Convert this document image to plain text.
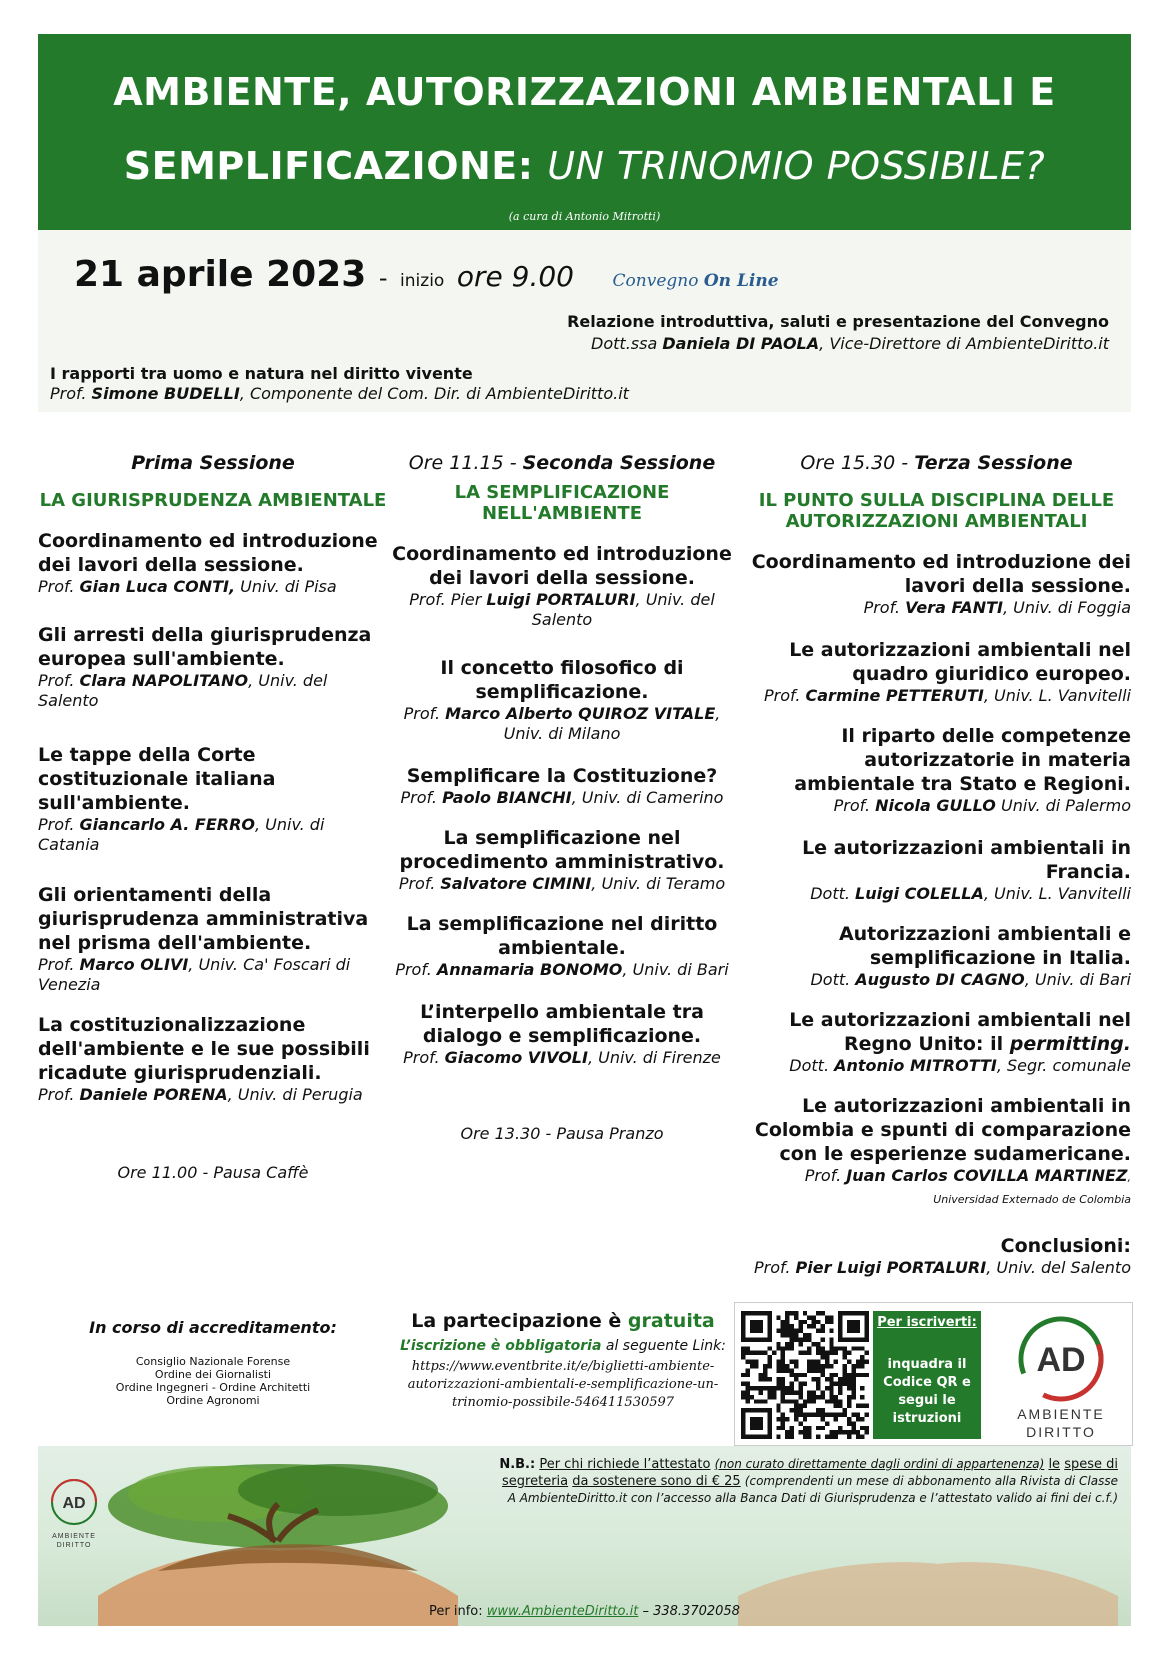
AMBIENTE, AUTORIZZAZIONI AMBIENTALI E
SEMPLIFICAZIONE: UN TRINOMIO POSSIBILE?
(a cura di Antonio Mitrotti)
21 aprile 2023 - inizio ore 9.00 Convegno On Line
Relazione introduttiva, saluti e presentazione del Convegno
Dott.ssa Daniela DI PAOLA, Vice-Direttore di AmbienteDiritto.it
I rapporti tra uomo e natura nel diritto vivente
Prof. Simone BUDELLI, Componente del Com. Dir. di AmbienteDiritto.it
Prima Sessione
LA GIURISPRUDENZA AMBIENTALE
Coordinamento ed introduzione dei lavori della sessione.
Prof. Gian Luca CONTI, Univ. di Pisa
Gli arresti della giurisprudenza europea sull'ambiente.
Prof. Clara NAPOLITANO, Univ. del Salento
Le tappe della Corte costituzionale italiana sull'ambiente.
Prof. Giancarlo A. FERRO, Univ. di Catania
Gli orientamenti della giurisprudenza amministrativa nel prisma dell'ambiente.
Prof. Marco OLIVI, Univ. Ca' Foscari di Venezia
La costituzionalizzazione dell'ambiente e le sue possibili ricadute giurisprudenziali.
Prof. Daniele PORENA, Univ. di Perugia
Ore 11.00 - Pausa Caffè
Ore 11.15 - Seconda Sessione
LA SEMPLIFICAZIONE NELL'AMBIENTE
Coordinamento ed introduzione dei lavori della sessione.
Prof. Pier Luigi PORTALURI, Univ. del Salento
Il concetto filosofico di semplificazione.
Prof. Marco Alberto QUIROZ VITALE, Univ. di Milano
Semplificare la Costituzione?
Prof. Paolo BIANCHI, Univ. di Camerino
La semplificazione nel procedimento amministrativo.
Prof. Salvatore CIMINI, Univ. di Teramo
La semplificazione nel diritto ambientale.
Prof. Annamaria BONOMO, Univ. di Bari
L’interpello ambientale tra dialogo e semplificazione.
Prof. Giacomo VIVOLI, Univ. di Firenze
Ore 13.30 - Pausa Pranzo
Ore 15.30 - Terza Sessione
IL PUNTO SULLA DISCIPLINA DELLE AUTORIZZAZIONI AMBIENTALI
Coordinamento ed introduzione dei lavori della sessione.
Prof. Vera FANTI, Univ. di Foggia
Le autorizzazioni ambientali nel quadro giuridico europeo.
Prof. Carmine PETTERUTI, Univ. L. Vanvitelli
Il riparto delle competenze autorizzatorie in materia ambientale tra Stato e Regioni.
Prof. Nicola GULLO Univ. di Palermo
Le autorizzazioni ambientali in Francia.
Dott. Luigi COLELLA, Univ. L. Vanvitelli
Autorizzazioni ambientali e semplificazione in Italia.
Dott. Augusto DI CAGNO, Univ. di Bari
Le autorizzazioni ambientali nel Regno Unito: il permitting.
Dott. Antonio MITROTTI, Segr. comunale
Le autorizzazioni ambientali in Colombia e spunti di comparazione con le esperienze sudamericane.
Prof. Juan Carlos COVILLA MARTINEZ, Universidad Externado de Colombia
Conclusioni:
Prof. Pier Luigi PORTALURI, Univ. del Salento
In corso di accreditamento:
Consiglio Nazionale Forense
Ordine dei Giornalisti
Ordine Ingegneri - Ordine Architetti
Ordine Agronomi
La partecipazione è gratuita
L’iscrizione è obbligatoria al seguente Link:
https://www.eventbrite.it/e/biglietti-ambiente-autorizzazioni-ambientali-e-semplificazione-un-trinomio-possibile-546411530597
Per iscriverti:
inquadra il Codice QR e segui le istruzioni
AD
AMBIENTE
DIRITTO
AD
AMBIENTE
DIRITTO
N.B.: Per chi richiede l’attestato (non curato direttamente dagli ordini di appartenenza) le spese di segreteria da sostenere sono di € 25 (comprendenti un mese di abbonamento alla Rivista di Classe A AmbienteDiritto.it con l’accesso alla Banca Dati di Giurisprudenza e l’attestato valido ai fini dei c.f.)
Per info: www.AmbienteDiritto.it – 338.3702058
